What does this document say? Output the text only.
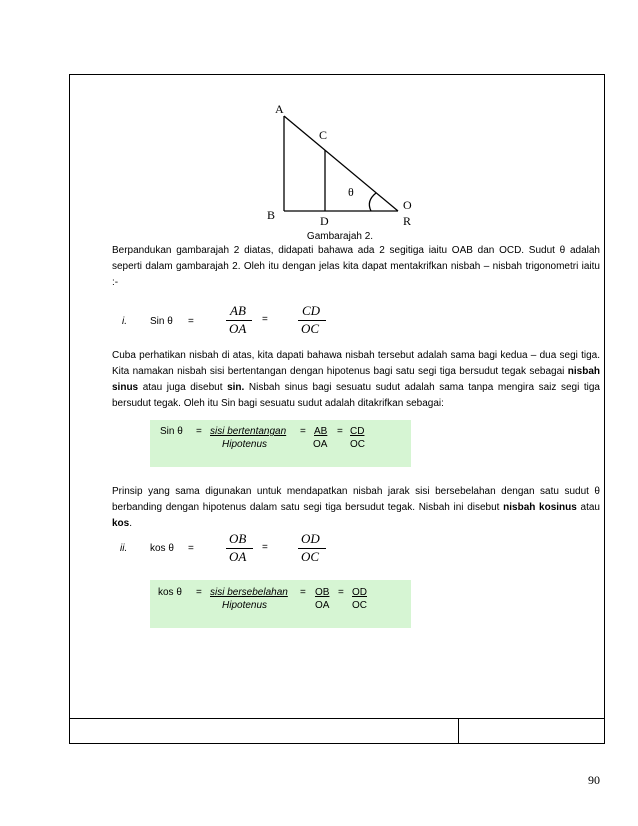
A
C
θ
O
B	D	R
Gambarajah 2.

Berpandukan gambarajah 2 diatas, didapati bahawa ada 2 segitiga iaitu OAB dan OCD. Sudut θ adalah seperti dalam gambarajah 2. Oleh itu dengan jelas kita dapat mentakrifkan nisbah – nisbah trigonometri iaitu :-

i. Sin θ =
AB
OA
=
CD
OC

Cuba perhatikan nisbah di atas, kita dapati bahawa nisbah tersebut adalah sama bagi kedua – dua segi tiga. Kita namakan nisbah sisi bertentangan dengan hipotenus bagi satu segi tiga bersudut tegak sebagai nisbah sinus atau juga disebut sin. Nisbah sinus bagi sesuatu sudut adalah sama tanpa mengira saiz segi tiga bersudut tegak. Oleh itu Sin bagi sesuatu sudut adalah ditakrifkan sebagai:

Sin θ = sisi bertentangan
Hipotenus
= AB
OA
= CD
OC

Prinsip yang sama digunakan untuk mendapatkan nisbah jarak sisi bersebelahan dengan satu sudut θ berbanding dengan hipotenus dalam satu segi tiga bersudut tegak. Nisbah ini disebut nisbah kosinus atau kos.

ii. kos θ =
OB
OA
=
OD
OC
kos θ = sisi bersebelahan
Hipotenus
= OB
OA
= OD
OC
90
